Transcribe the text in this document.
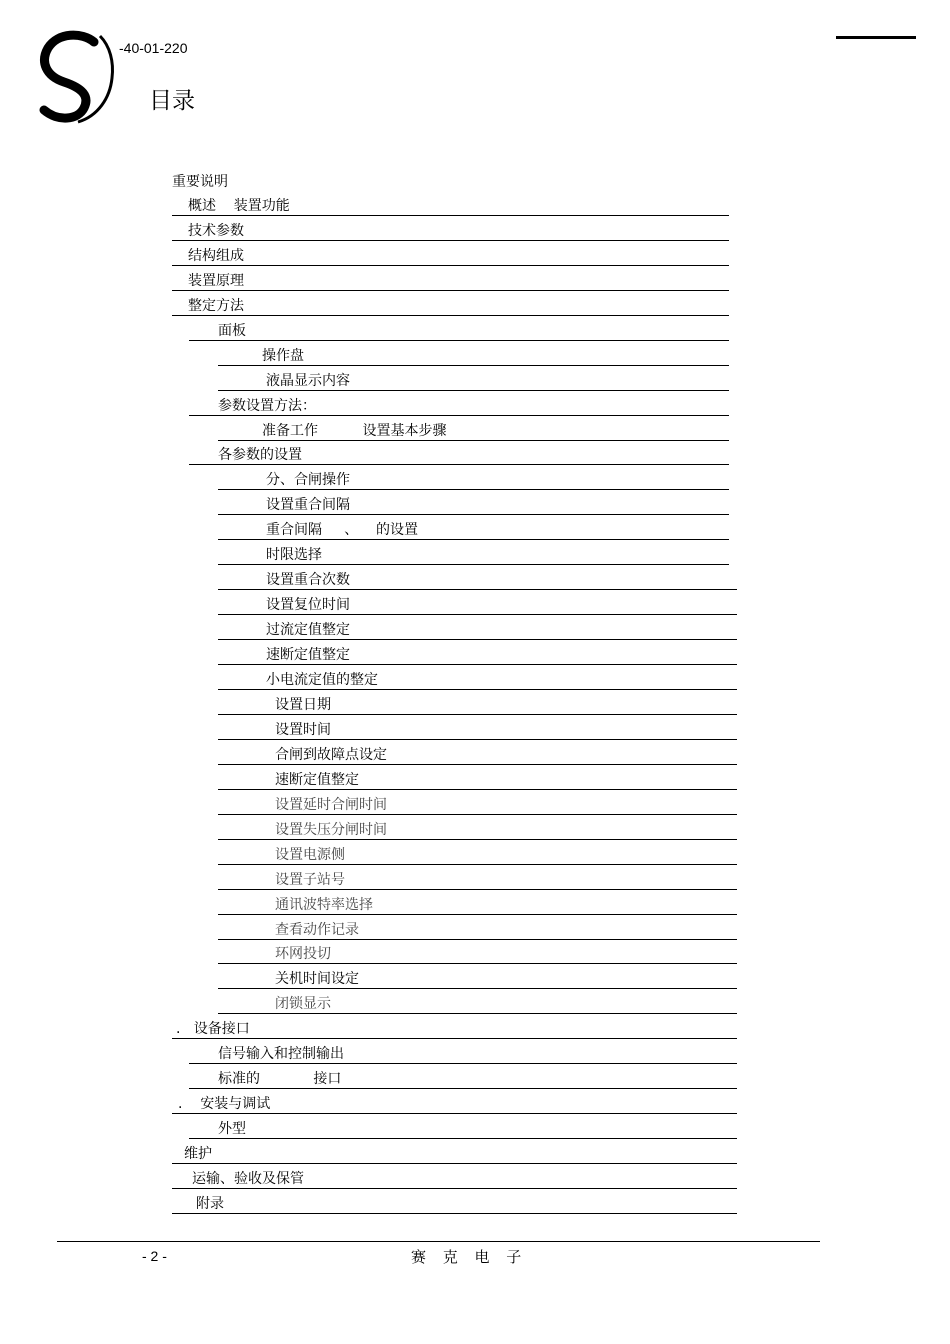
-40-01-220
目录
重要说明
概述    装置功能
技术参数
结构组成
装置原理
整定方法
面板
操作盘
液晶显示内容
参数设置方法：
准备工作          设置基本步骤
各参数的设置
分、合闸操作
设置重合间隔
重合间隔     、    的设置
时限选择
设置重合次数
设置复位时间
过流定值整定
速断定值整定
小电流定值的整定
设置日期
设置时间
合闸到故障点设定
速断定值整定
设置延时合闸时间
设置失压分闸时间
设置电源侧
设置子站号
通讯波特率选择
查看动作记录
环网投切
关机时间设定
闭锁显示
.   设备接口
信号输入和控制输出
标准的            接口
.    安装与调试
外型
维护
运输、验收及保管
附录
- 2 -	赛 克 电 子
